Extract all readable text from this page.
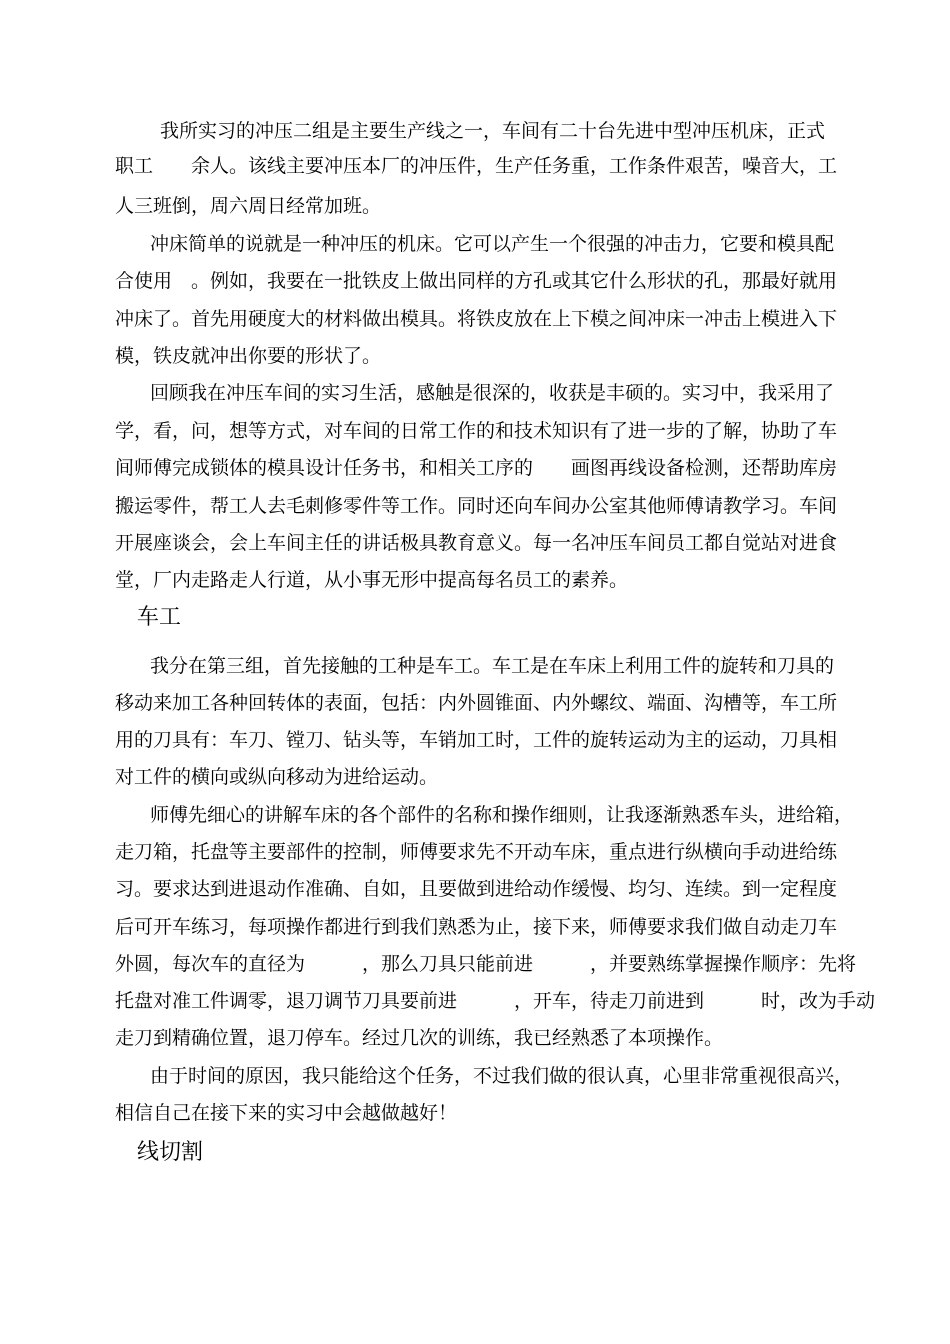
我所实习的冲压二组是主要生产线之一，车间有二十台先进中型冲压机床，正式
职工　　余人。该线主要冲压本厂的冲压件，生产任务重，工作条件艰苦，噪音大，工
人三班倒，周六周日经常加班。
冲床简单的说就是一种冲压的机床。它可以产生一个很强的冲击力，它要和模具配
合使用　。例如，我要在一批铁皮上做出同样的方孔或其它什么形状的孔，那最好就用
冲床了。首先用硬度大的材料做出模具。将铁皮放在上下模之间冲床一冲击上模进入下
模，铁皮就冲出你要的形状了。
回顾我在冲压车间的实习生活，感触是很深的，收获是丰硕的。实习中，我采用了
学，看，问，想等方式，对车间的日常工作的和技术知识有了进一步的了解，协助了车
间师傅完成锁体的模具设计任务书，和相关工序的　　画图再线设备检测，还帮助库房
搬运零件，帮工人去毛刺修零件等工作。同时还向车间办公室其他师傅请教学习。车间
开展座谈会，会上车间主任的讲话极具教育意义。每一名冲压车间员工都自觉站对进食
堂，厂内走路走人行道，从小事无形中提高每名员工的素养。
车工
我分在第三组，首先接触的工种是车工。车工是在车床上利用工件的旋转和刀具的
移动来加工各种回转体的表面，包括：内外圆锥面、内外螺纹、端面、沟槽等，车工所
用的刀具有：车刀、镗刀、钻头等，车销加工时，工件的旋转运动为主的运动，刀具相
对工件的横向或纵向移动为进给运动。
师傅先细心的讲解车床的各个部件的名称和操作细则，让我逐渐熟悉车头，进给箱，
走刀箱，托盘等主要部件的控制，师傅要求先不开动车床，重点进行纵横向手动进给练
习。要求达到进退动作准确、自如，且要做到进给动作缓慢、均匀、连续。到一定程度
后可开车练习，每项操作都进行到我们熟悉为止，接下来，师傅要求我们做自动走刀车
外圆，每次车的直径为　　　，那么刀具只能前进　　　，并要熟练掌握操作顺序：先将
托盘对准工件调零，退刀调节刀具要前进　　　，开车，待走刀前进到　　　时，改为手动
走刀到精确位置，退刀停车。经过几次的训练，我已经熟悉了本项操作。
由于时间的原因，我只能给这个任务，不过我们做的很认真，心里非常重视很高兴，
相信自己在接下来的实习中会越做越好！
线切割
